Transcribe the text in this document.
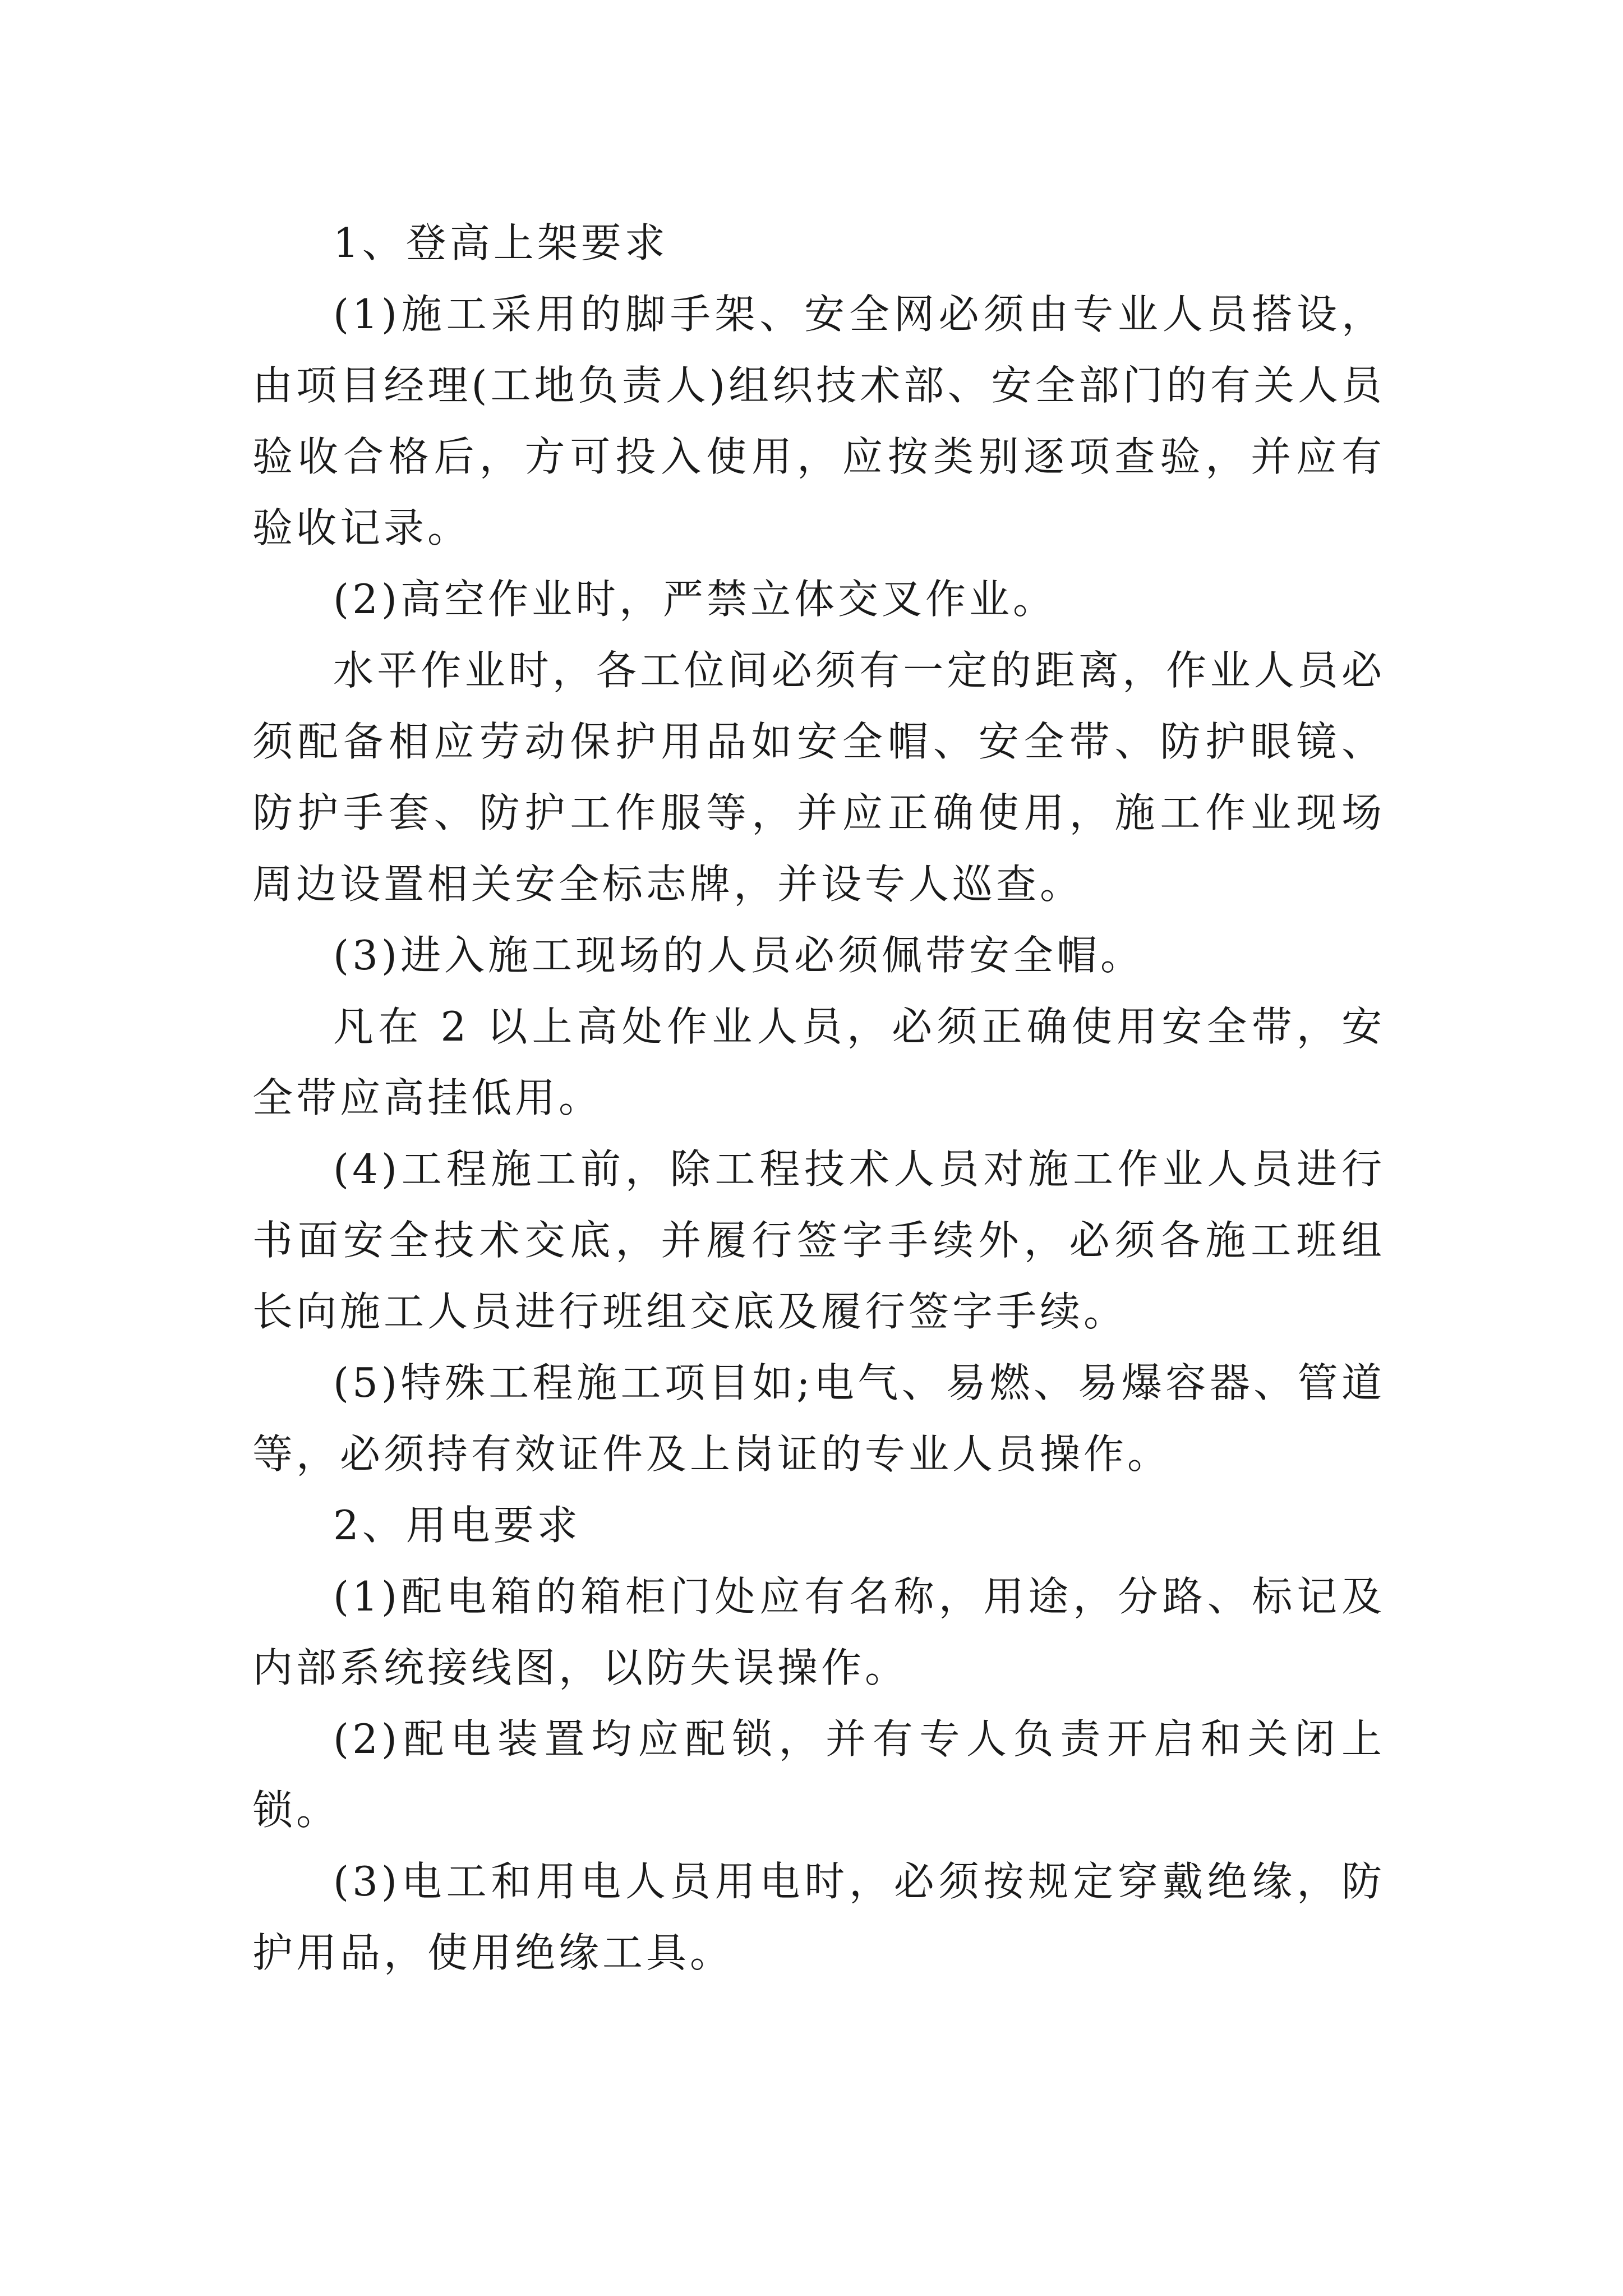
1、登高上架要求

(1)施工采用的脚手架、安全网必须由专业人员搭设，由项目经理(工地负责人)组织技术部、安全部门的有关人员验收合格后，方可投入使用，应按类别逐项查验，并应有验收记录。

(2)高空作业时，严禁立体交叉作业。

水平作业时，各工位间必须有一定的距离，作业人员必须配备相应劳动保护用品如安全帽、安全带、防护眼镜、防护手套、防护工作服等，并应正确使用，施工作业现场周边设置相关安全标志牌，并设专人巡查。

(3)进入施工现场的人员必须佩带安全帽。

凡在 2 以上高处作业人员，必须正确使用安全带，安全带应高挂低用。

(4)工程施工前，除工程技术人员对施工作业人员进行书面安全技术交底，并履行签字手续外，必须各施工班组长向施工人员进行班组交底及履行签字手续。

(5)特殊工程施工项目如;电气、易燃、易爆容器、管道等，必须持有效证件及上岗证的专业人员操作。

2、用电要求

(1)配电箱的箱柜门处应有名称，用途，分路、标记及内部系统接线图，以防失误操作。

(2)配电装置均应配锁，并有专人负责开启和关闭上锁。

(3)电工和用电人员用电时，必须按规定穿戴绝缘，防护用品，使用绝缘工具。
